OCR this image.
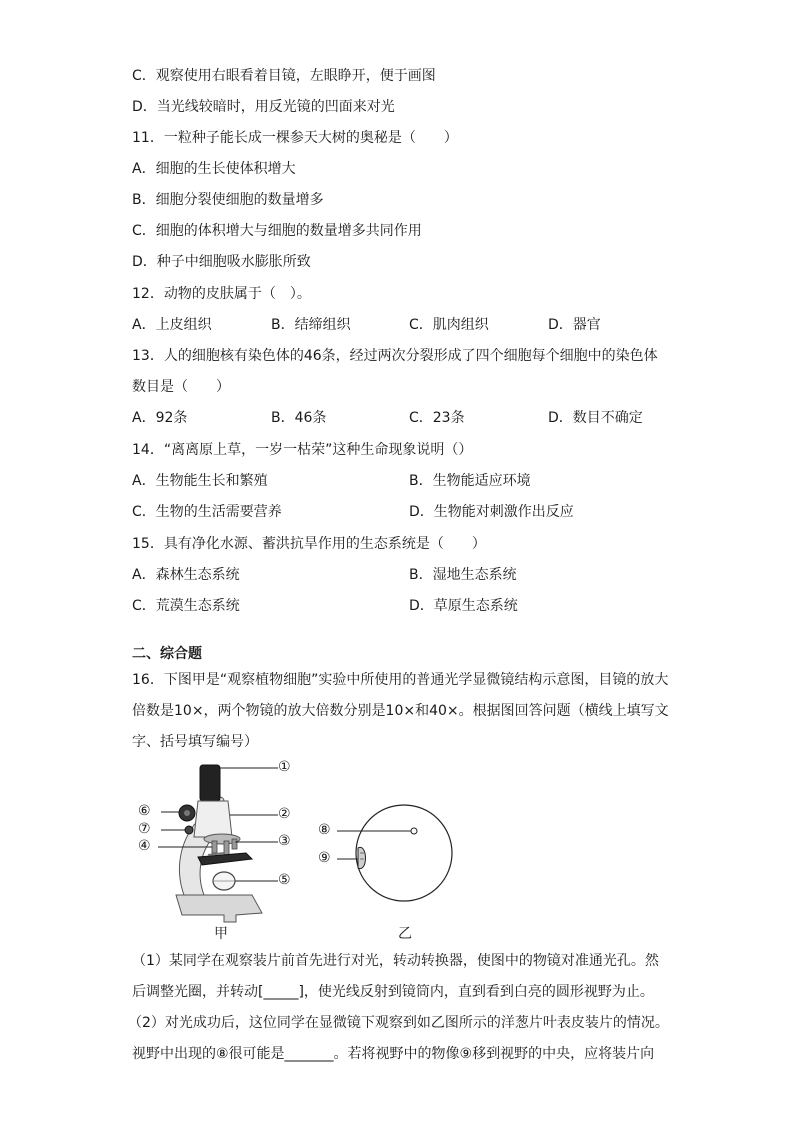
C．观察使用右眼看着目镜，左眼睁开，便于画图
D．当光线较暗时，用反光镜的凹面来对光
11．一粒种子能长成一棵参天大树的奥秘是（　　）
A．细胞的生长使体积增大
B．细胞分裂使细胞的数量增多
C．细胞的体积增大与细胞的数量增多共同作用
D．种子中细胞吸水膨胀所致
12．动物的皮肤属于（　）。
A．上皮组织	B．结缔组织	C．肌肉组织	D．器官
13．人的细胞核有染色体的46条，经过两次分裂形成了四个细胞每个细胞中的染色体
数目是（　　）
A．92条	B．46条	C．23条	D．数目不确定
14．“离离原上草，一岁一枯荣”这种生命现象说明（）
A．生物能生长和繁殖	B．生物能适应环境
C．生物的生活需要营养	D．生物能对刺激作出反应
15．具有净化水源、蓄洪抗旱作用的生态系统是（　　）
A．森林生态系统	B．湿地生态系统
C．荒漠生态系统	D．草原生态系统
二、综合题
16．下图甲是“观察植物细胞”实验中所使用的普通光学显微镜结构示意图，目镜的放大
倍数是10×，两个物镜的放大倍数分别是10×和40×。根据图回答问题（横线上填写文
字、括号填写编号）
①
②
③
④
⑤
⑥
⑦	⑧
⑨
甲	乙
（1）某同学在观察装片前首先进行对光，转动转换器，使图中的物镜对准通光孔。然
后调整光圈，并转动[_____]，使光线反射到镜筒内，直到看到白亮的圆形视野为止。
（2）对光成功后，这位同学在显微镜下观察到如乙图所示的洋葱片叶表皮装片的情况。
视野中出现的⑧很可能是_______。若将视野中的物像⑨移到视野的中央，应将装片向
